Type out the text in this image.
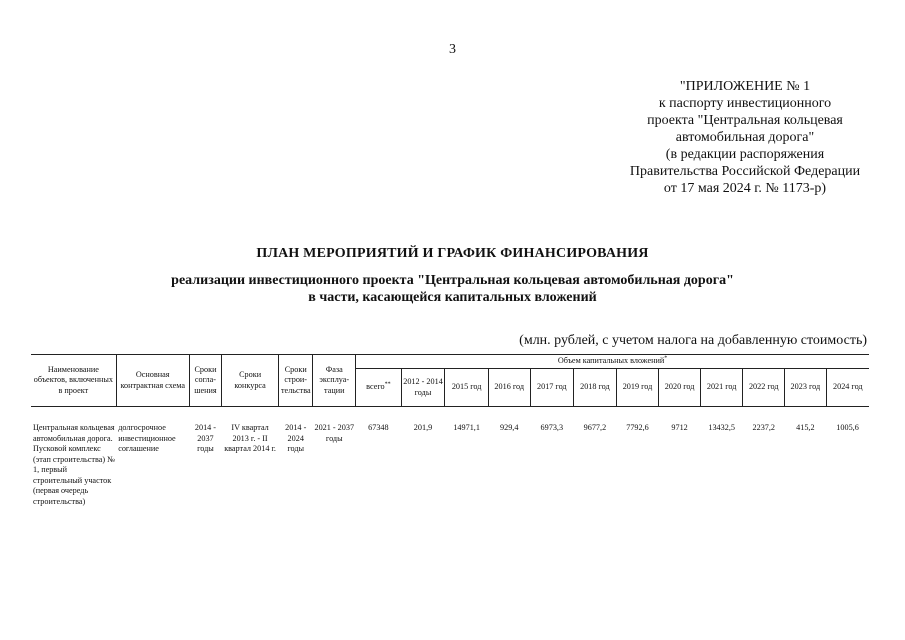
3
"ПРИЛОЖЕНИЕ № 1
к паспорту инвестиционного
проекта "Центральная кольцевая
автомобильная дорога"
(в редакции распоряжения
Правительства Российской Федерации
от 17 мая 2024 г. № 1173-р)
ПЛАН МЕРОПРИЯТИЙ И ГРАФИК ФИНАНСИРОВАНИЯ
реализации инвестиционного проекта "Центральная кольцевая автомобильная дорога"
в части, касающейся капитальных вложений
(млн. рублей, с учетом налога на добавленную стоимость)
Наименование объектов, включенных в проект	Основная контрактная схема	Сроки согла-шения	Сроки конкурса	Сроки строи-тельства	Фаза эксплуа-тации	Объем капитальных вложений*
						всего**	2012 - 2014 годы	2015 год	2016 год	2017 год	2018 год	2019 год	2020 год	2021 год	2022 год	2023 год	2024 год

Центральная кольцевая автомобильная дорога. Пусковой комплекс (этап строительства) № 1, первый строительный участок (первая очередь строительства)	долгосрочное инвестиционное соглашение	2014 - 2037 годы	IV квартал 2013 г. - II квартал 2014 г.	2014 - 2024 годы	2021 - 2037 годы	67348	201,9	14971,1	929,4	6973,3	9677,2	7792,6	9712	13432,5	2237,2	415,2	1005,6
